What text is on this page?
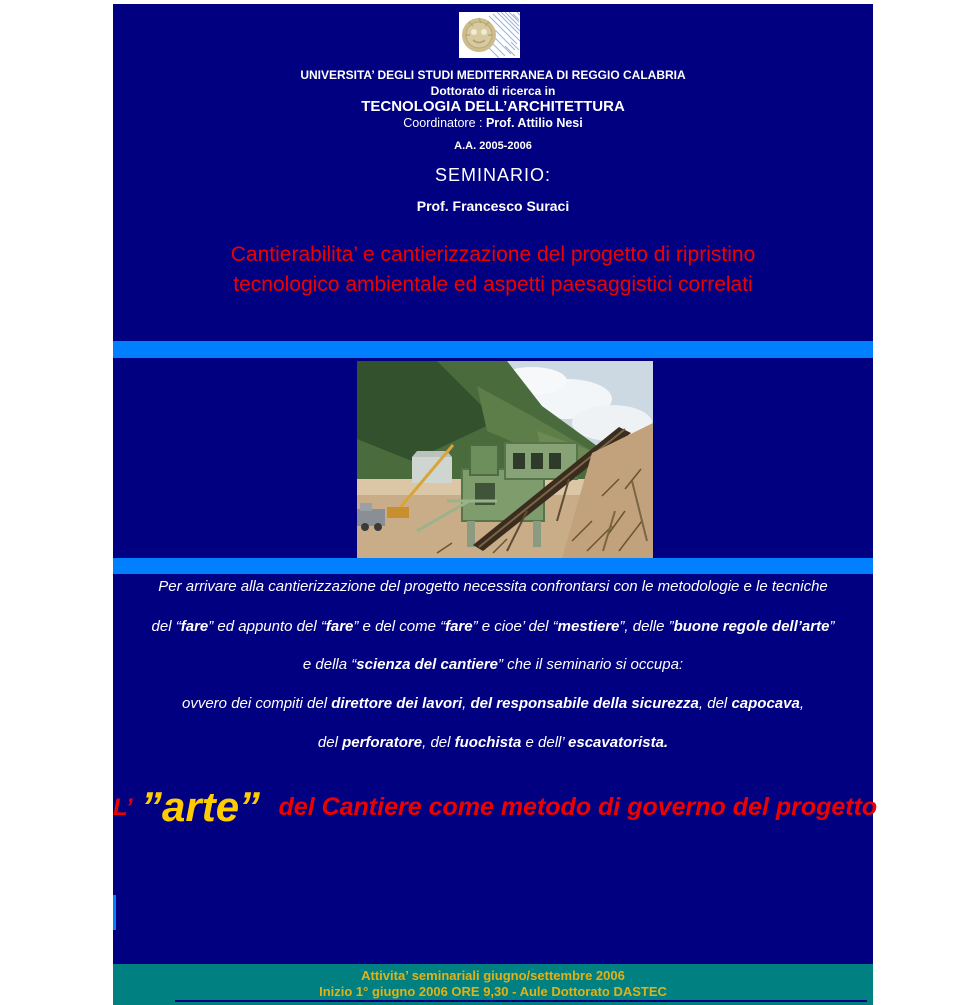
UNIVERSITA’ DEGLI STUDI MEDITERRANEA DI REGGIO CALABRIA
Dottorato di ricerca in
TECNOLOGIA DELL’ARCHITETTURA
Coordinatore : Prof. Attilio Nesi
A.A. 2005-2006
SEMINARIO:
Prof. Francesco Suraci
Cantierabilita’ e cantierizzazione del progetto di ripristino
tecnologico ambientale ed aspetti paesaggistici correlati
Per arrivare alla cantierizzazione del progetto necessita confrontarsi con le metodologie e le tecniche
del “fare” ed appunto del “fare” e del come “fare” e cioe’ del “mestiere”, delle ”buone regole dell’arte”
e della “scienza del cantiere” che il seminario si occupa:
ovvero dei compiti del direttore dei lavori, del responsabile della sicurezza, del capocava,
del perforatore, del fuochista e dell’ escavatorista.
L’ ”arte” del Cantiere come metodo di governo del progetto
Attivita’ seminariali giugno/settembre 2006
Inizio 1° giugno 2006 ORE 9,30 - Aule Dottorato DASTEC
